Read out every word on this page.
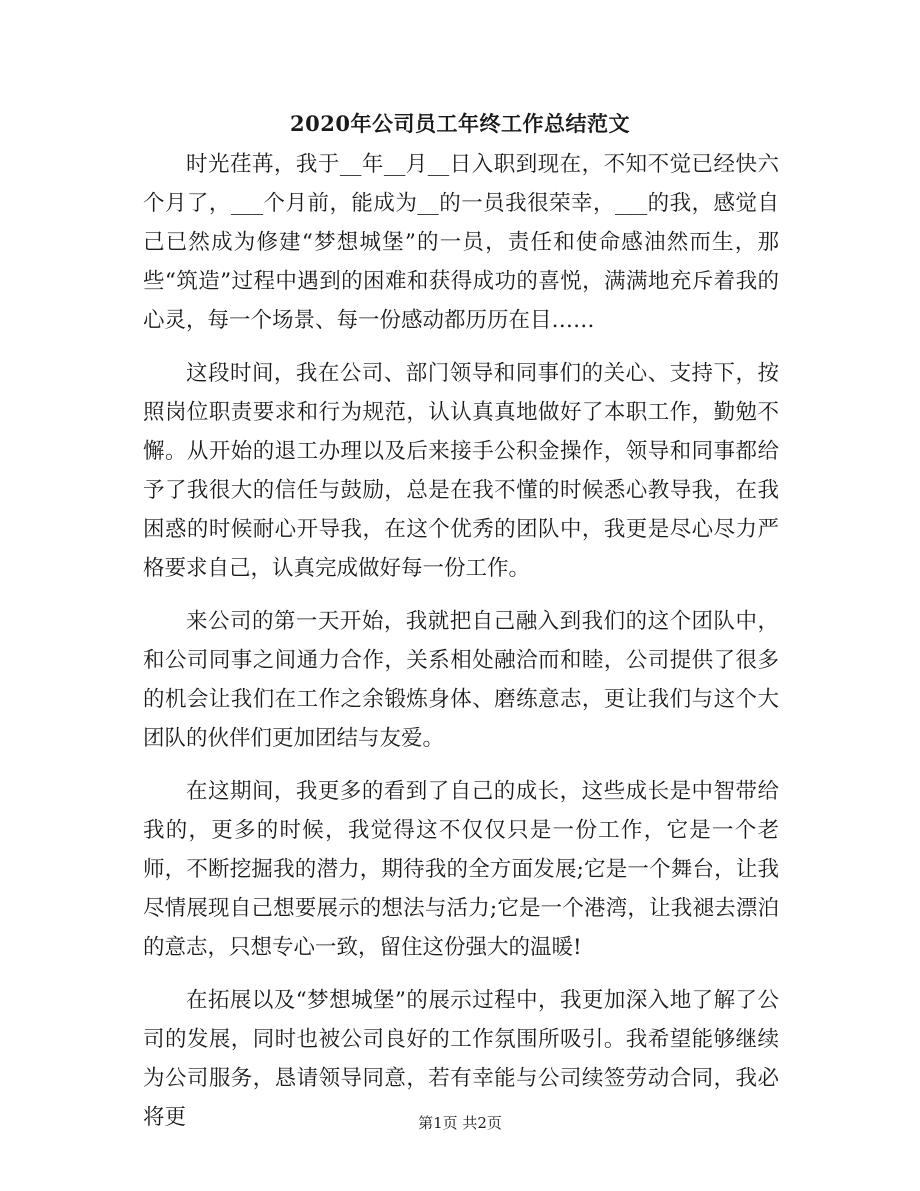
2020年公司员工年终工作总结范文

时光荏苒，我于__年__月__日入职到现在，不知不觉已经快六个月了，___个月前，能成为__的一员我很荣幸，___的我，感觉自己已然成为修建“梦想城堡”的一员，责任和使命感油然而生，那些“筑造”过程中遇到的困难和获得成功的喜悦，满满地充斥着我的心灵，每一个场景、每一份感动都历历在目……

这段时间，我在公司、部门领导和同事们的关心、支持下，按照岗位职责要求和行为规范，认认真真地做好了本职工作，勤勉不懈。从开始的退工办理以及后来接手公积金操作，领导和同事都给予了我很大的信任与鼓励，总是在我不懂的时候悉心教导我，在我困惑的时候耐心开导我，在这个优秀的团队中，我更是尽心尽力严格要求自己，认真完成做好每一份工作。

来公司的第一天开始，我就把自己融入到我们的这个团队中，和公司同事之间通力合作，关系相处融洽而和睦，公司提供了很多的机会让我们在工作之余锻炼身体、磨练意志，更让我们与这个大团队的伙伴们更加团结与友爱。

在这期间，我更多的看到了自己的成长，这些成长是中智带给我的，更多的时候，我觉得这不仅仅只是一份工作，它是一个老师，不断挖掘我的潜力，期待我的全方面发展;它是一个舞台，让我尽情展现自己想要展示的想法与活力;它是一个港湾，让我褪去漂泊的意志，只想专心一致，留住这份强大的温暖!

在拓展以及“梦想城堡”的展示过程中，我更加深入地了解了公司的发展，同时也被公司良好的工作氛围所吸引。我希望能够继续为公司服务，恳请领导同意，若有幸能与公司续签劳动合同，我必将更	第1页 共2页
